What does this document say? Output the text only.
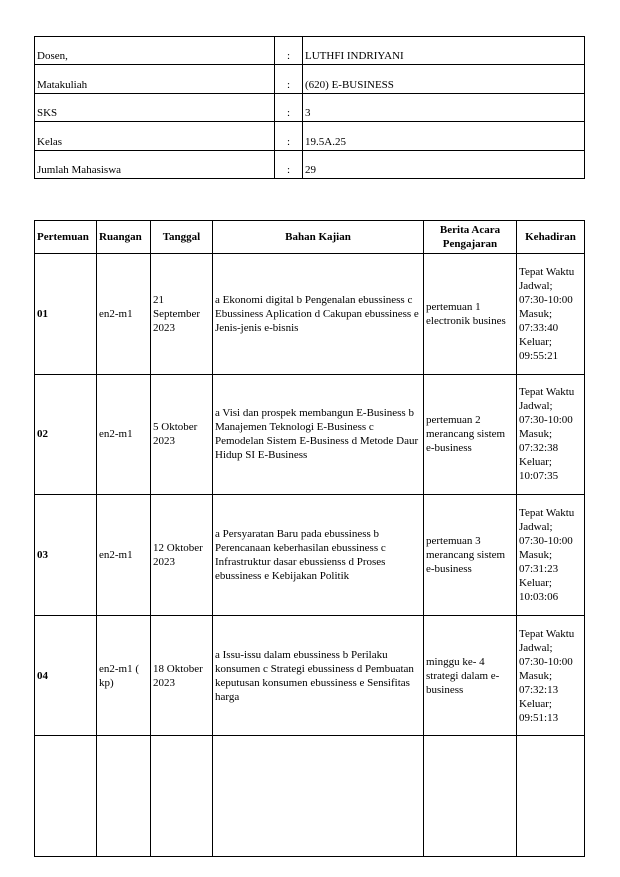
Dosen,	:	LUTHFI INDRIYANI
Matakuliah	:	(620) E-BUSINESS
SKS	:	3
Kelas	:	19.5A.25
Jumlah Mahasiswa	:	29
Pertemuan	Ruangan	Tanggal	Bahan Kajian	Berita Acara Pengajaran	Kehadiran
01	en2-m1	21 September 2023	a Ekonomi digital b Pengenalan ebussiness c Ebussiness Aplication d Cakupan ebussiness e Jenis-jenis e-bisnis	pertemuan 1 electronik busines	Tepat Waktu Jadwal; 07:30-10:00 Masuk; 07:33:40 Keluar; 09:55:21
02	en2-m1	5 Oktober 2023	a Visi dan prospek membangun E-Business b Manajemen Teknologi E-Business c Pemodelan Sistem E-Business d Metode Daur Hidup SI E-Business	pertemuan 2 merancang sistem e-business	Tepat Waktu Jadwal; 07:30-10:00 Masuk; 07:32:38 Keluar; 10:07:35
03	en2-m1	12 Oktober 2023	a Persyaratan Baru pada ebussiness b Perencanaan keberhasilan ebussiness c Infrastruktur dasar ebussienss d Proses ebussiness e Kebijakan Politik	pertemuan 3 merancang sistem e-business	Tepat Waktu Jadwal; 07:30-10:00 Masuk; 07:31:23 Keluar; 10:03:06
04	en2-m1 ( kp)	18 Oktober 2023	a Issu-issu dalam ebussiness b Perilaku konsumen c Strategi ebussiness d Pembuatan keputusan konsumen ebussiness e Sensifitas harga	minggu ke- 4 strategi dalam e-business	Tepat Waktu Jadwal; 07:30-10:00 Masuk; 07:32:13 Keluar; 09:51:13
